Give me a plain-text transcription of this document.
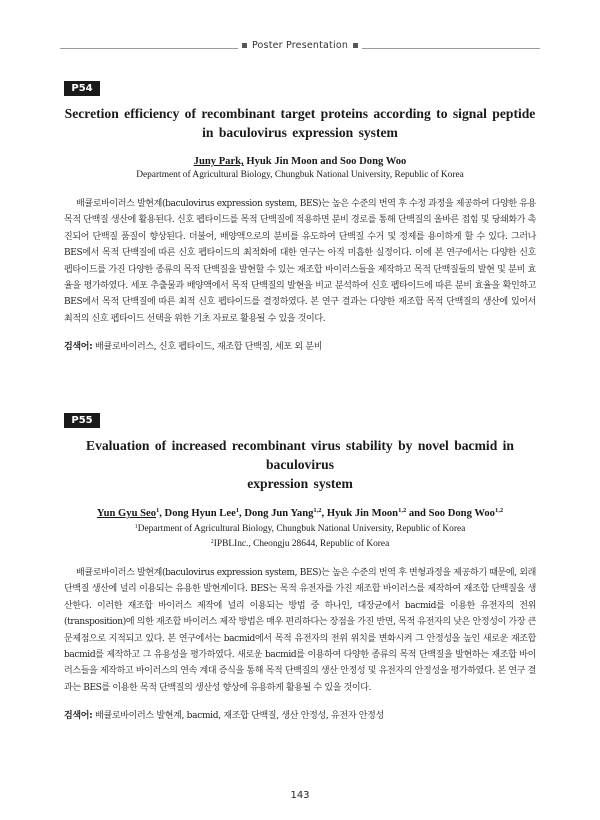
Poster Presentation
P54
Secretion efficiency of recombinant target proteins according to signal peptide
in baculovirus expression system
Juny Park, Hyuk Jin Moon and Soo Dong Woo
Department of Agricultural Biology, Chungbuk National University, Republic of Korea

배큘로바이러스 발현계(baculovirus expression system, BES)는 높은 수준의 번역 후 수정 과정을 제공하여 다양한 유용 목적 단백질 생산에 활용된다. 신호 펩타이드를 목적 단백질에 적용하면 분비 경로를 통해 단백질의 올바른 접힘 및 당쇄화가 촉진되어 단백질 품질이 향상된다. 더불어, 배양액으로의 분비를 유도하여 단백질 수거 및 정제를 용이하게 할 수 있다. 그러나 BES에서 목적 단백질에 따른 신호 펩타이드의 최적화에 대한 연구는 아직 미흡한 실정이다. 이에 본 연구에서는 다양한 신호 펩타이드를 가진 다양한 종류의 목적 단백질을 발현할 수 있는 재조합 바이러스들을 제작하고 목적 단백질들의 발현 및 분비 효율을 평가하였다. 세포 추출물과 배양액에서 목적 단백질의 발현을 비교 분석하여 신호 펩타이드에 따른 분비 효율을 확인하고 BES에서 목적 단백질에 따른 최적 신호 펩타이드를 결정하였다. 본 연구 결과는 다양한 재조합 목적 단백질의 생산에 있어서 최적의 신호 펩타이드 선택을 위한 기초 자료로 활용될 수 있을 것이다.

검색어: 배큘로바이러스, 신호 펩타이드, 재조합 단백질, 세포 외 분비
P55
Evaluation of increased recombinant virus stability by novel bacmid in baculovirus
expression system
Yun Gyu Seo$^1$, Dong Hyun Lee$^1$, Dong Jun Yang$^{1,2}$, Hyuk Jin Moon$^{1,2}$ and Soo Dong Woo$^{1,2}$
$^1$Department of Agricultural Biology, Chungbuk National University, Republic of Korea
$^2$IPBLInc., Cheongju 28644, Republic of Korea

배큘로바이러스 발현계(baculovirus expression system, BES)는 높은 수준의 번역 후 변형과정을 제공하기 때문에, 외래 단백질 생산에 널리 이용되는 유용한 발현계이다. BES는 목적 유전자를 가진 재조합 바이러스를 제작하여 재조합 단백질을 생산한다. 이러한 재조합 바이러스 제작에 널리 이용되는 방법 중 하나인, 대장균에서 bacmid를 이용한 유전자의 전위(transposition)에 의한 재조합 바이러스 제작 방법은 매우 편리하다는 장점을 가진 반면, 목적 유전자의 낮은 안정성이 가장 큰 문제점으로 지적되고 있다. 본 연구에서는 bacmid에서 목적 유전자의 전위 위치를 변화시켜 그 안정성을 높인 새로운 재조합 bacmid를 제작하고 그 유용성을 평가하였다. 새로운 bacmid를 이용하여 다양한 종류의 목적 단백질을 발현하는 재조합 바이러스들을 제작하고 바이러스의 연속 계대 증식을 통해 목적 단백질의 생산 안정성 및 유전자의 안정성을 평가하였다. 본 연구 결과는 BES를 이용한 목적 단백질의 생산성 향상에 유용하게 활용될 수 있을 것이다.

검색어: 배큘로바이러스 발현계, bacmid, 재조합 단백질, 생산 안정성, 유전자 안정성
143
